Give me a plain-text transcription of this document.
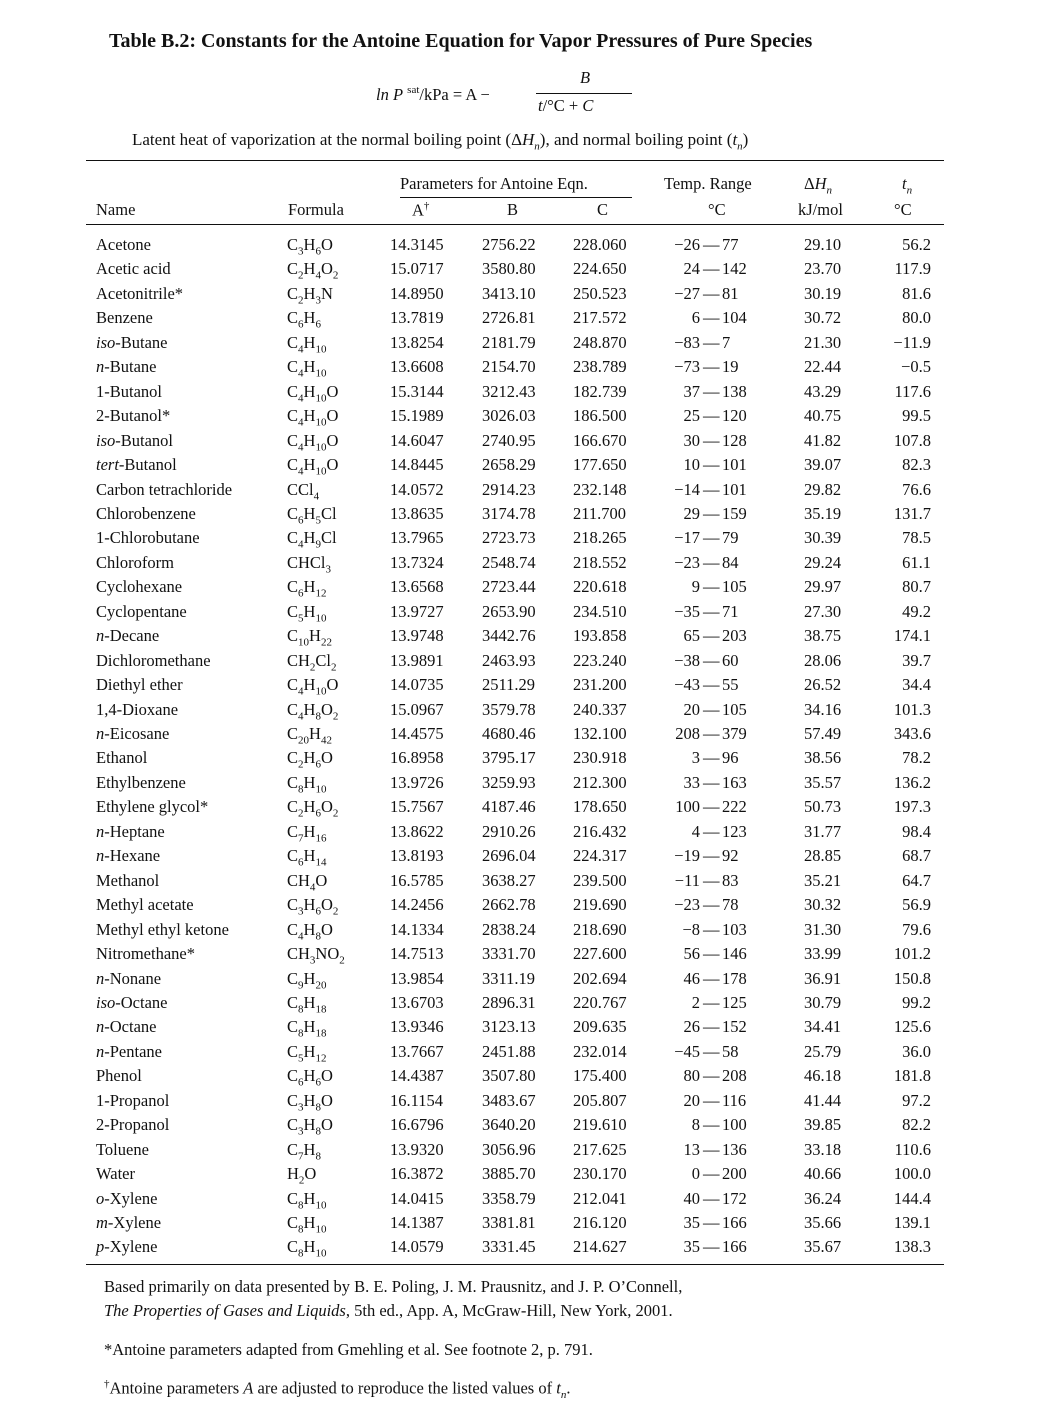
Table B.2: Constants for the Antoine Equation for Vapor Pressures of Pure Species
ln P $^{sat}$/kPa = A −
B
t/°C + C
Latent heat of vaporization at the normal boiling point $(\Delta H_n)$, and normal boiling point $(t_n)$
Parameters for Antoine Eqn.	Temp. Range	$\Delta H_n$	$t_n$
Name	Formula	A†	B	C	°C	kJ/mol	°C
Acetone	$C_3H_6O$	14.3145 2756.22 228.060	−26 — 77	29.10	56.2
Acetic acid	$C_2H_4O_2$	15.0717 3580.80 224.650	24 — 142	23.70	117.9
Acetonitrile*	$C_2H_3N$	14.8950 3413.10 250.523	−27 — 81	30.19	81.6
Benzene	$C_6H_6$	13.7819 2726.81 217.572	6 — 104	30.72	80.0
iso-Butane	$C_4H_{10}$	13.8254 2181.79 248.870	−83 — 7	21.30	−11.9
n-Butane	$C_4H_{10}$	13.6608 2154.70 238.789	−73 — 19	22.44	−0.5
1-Butanol	$C_4H_{10}O$	15.3144 3212.43 182.739	37 — 138	43.29	117.6
2-Butanol*	$C_4H_{10}O$	15.1989 3026.03 186.500	25 — 120	40.75	99.5
iso-Butanol	$C_4H_{10}O$	14.6047 2740.95 166.670	30 — 128	41.82	107.8
tert-Butanol	$C_4H_{10}O$	14.8445 2658.29 177.650	10 — 101	39.07	82.3
Carbon tetrachloride	CCl$_4$	14.0572 2914.23 232.148	−14 — 101	29.82	76.6
Chlorobenzene	$C_6H_5Cl$	13.8635 3174.78 211.700	29 — 159	35.19	131.7
1-Chlorobutane	$C_4H_9Cl$	13.7965 2723.73 218.265	−17 — 79	30.39	78.5
Chloroform	CHCl$_3$	13.7324 2548.74 218.552	−23 — 84	29.24	61.1
Cyclohexane	$C_6H_{12}$	13.6568 2723.44 220.618	9 — 105	29.97	80.7
Cyclopentane	$C_5H_{10}$	13.9727 2653.90 234.510	−35 — 71	27.30	49.2
n-Decane	$C_{10}H_{22}$	13.9748 3442.76 193.858	65 — 203	38.75	174.1
Dichloromethane	$CH_2Cl_2$	13.9891 2463.93 223.240	−38 — 60	28.06	39.7
Diethyl ether	$C_4H_{10}O$	14.0735 2511.29 231.200	−43 — 55	26.52	34.4
1,4-Dioxane	$C_4H_8O_2$	15.0967 3579.78 240.337	20 — 105	34.16	101.3
n-Eicosane	$C_{20}H_{42}$	14.4575 4680.46 132.100	208 — 379	57.49	343.6
Ethanol	$C_2H_6O$	16.8958 3795.17 230.918	3 — 96	38.56	78.2
Ethylbenzene	$C_8H_{10}$	13.9726 3259.93 212.300	33 — 163	35.57	136.2
Ethylene glycol*	$C_2H_6O_2$	15.7567 4187.46 178.650	100 — 222	50.73	197.3
n-Heptane	$C_7H_{16}$	13.8622 2910.26 216.432	4 — 123	31.77	98.4
n-Hexane	$C_6H_{14}$	13.8193 2696.04 224.317	−19 — 92	28.85	68.7
Methanol	$CH_4O$	16.5785 3638.27 239.500	−11 — 83	35.21	64.7
Methyl acetate	$C_3H_6O_2$	14.2456 2662.78 219.690	−23 — 78	30.32	56.9
Methyl ethyl ketone	$C_4H_8O$	14.1334 2838.24 218.690	−8 — 103	31.30	79.6
Nitromethane*	$CH_3NO_2$	14.7513 3331.70 227.600	56 — 146	33.99	101.2
n-Nonane	$C_9H_{20}$	13.9854 3311.19 202.694	46 — 178	36.91	150.8
iso-Octane	$C_8H_{18}$	13.6703 2896.31 220.767	2 — 125	30.79	99.2
n-Octane	$C_8H_{18}$	13.9346 3123.13 209.635	26 — 152	34.41	125.6
n-Pentane	$C_5H_{12}$	13.7667 2451.88 232.014	−45 — 58	25.79	36.0
Phenol	$C_6H_6O$	14.4387 3507.80 175.400	80 — 208	46.18	181.8
1-Propanol	$C_3H_8O$	16.1154 3483.67 205.807	20 — 116	41.44	97.2
2-Propanol	$C_3H_8O$	16.6796 3640.20 219.610	8 — 100	39.85	82.2
Toluene	$C_7H_8$	13.9320 3056.96 217.625	13 — 136	33.18	110.6
Water	$H_2O$	16.3872 3885.70 230.170	0 — 200	40.66	100.0
o-Xylene	$C_8H_{10}$	14.0415 3358.79 212.041	40 — 172	36.24	144.4
m-Xylene	$C_8H_{10}$	14.1387 3381.81 216.120	35 — 166	35.66	139.1
p-Xylene	$C_8H_{10}$	14.0579 3331.45 214.627	35 — 166	35.67	138.3
Based primarily on data presented by B. E. Poling, J. M. Prausnitz, and J. P. O’Connell,
The Properties of Gases and Liquids, 5th ed., App. A, McGraw-Hill, New York, 2001.
*Antoine parameters adapted from Gmehling et al. See footnote 2, p. 791.
†Antoine parameters A are adjusted to reproduce the listed values of $t_n$.
